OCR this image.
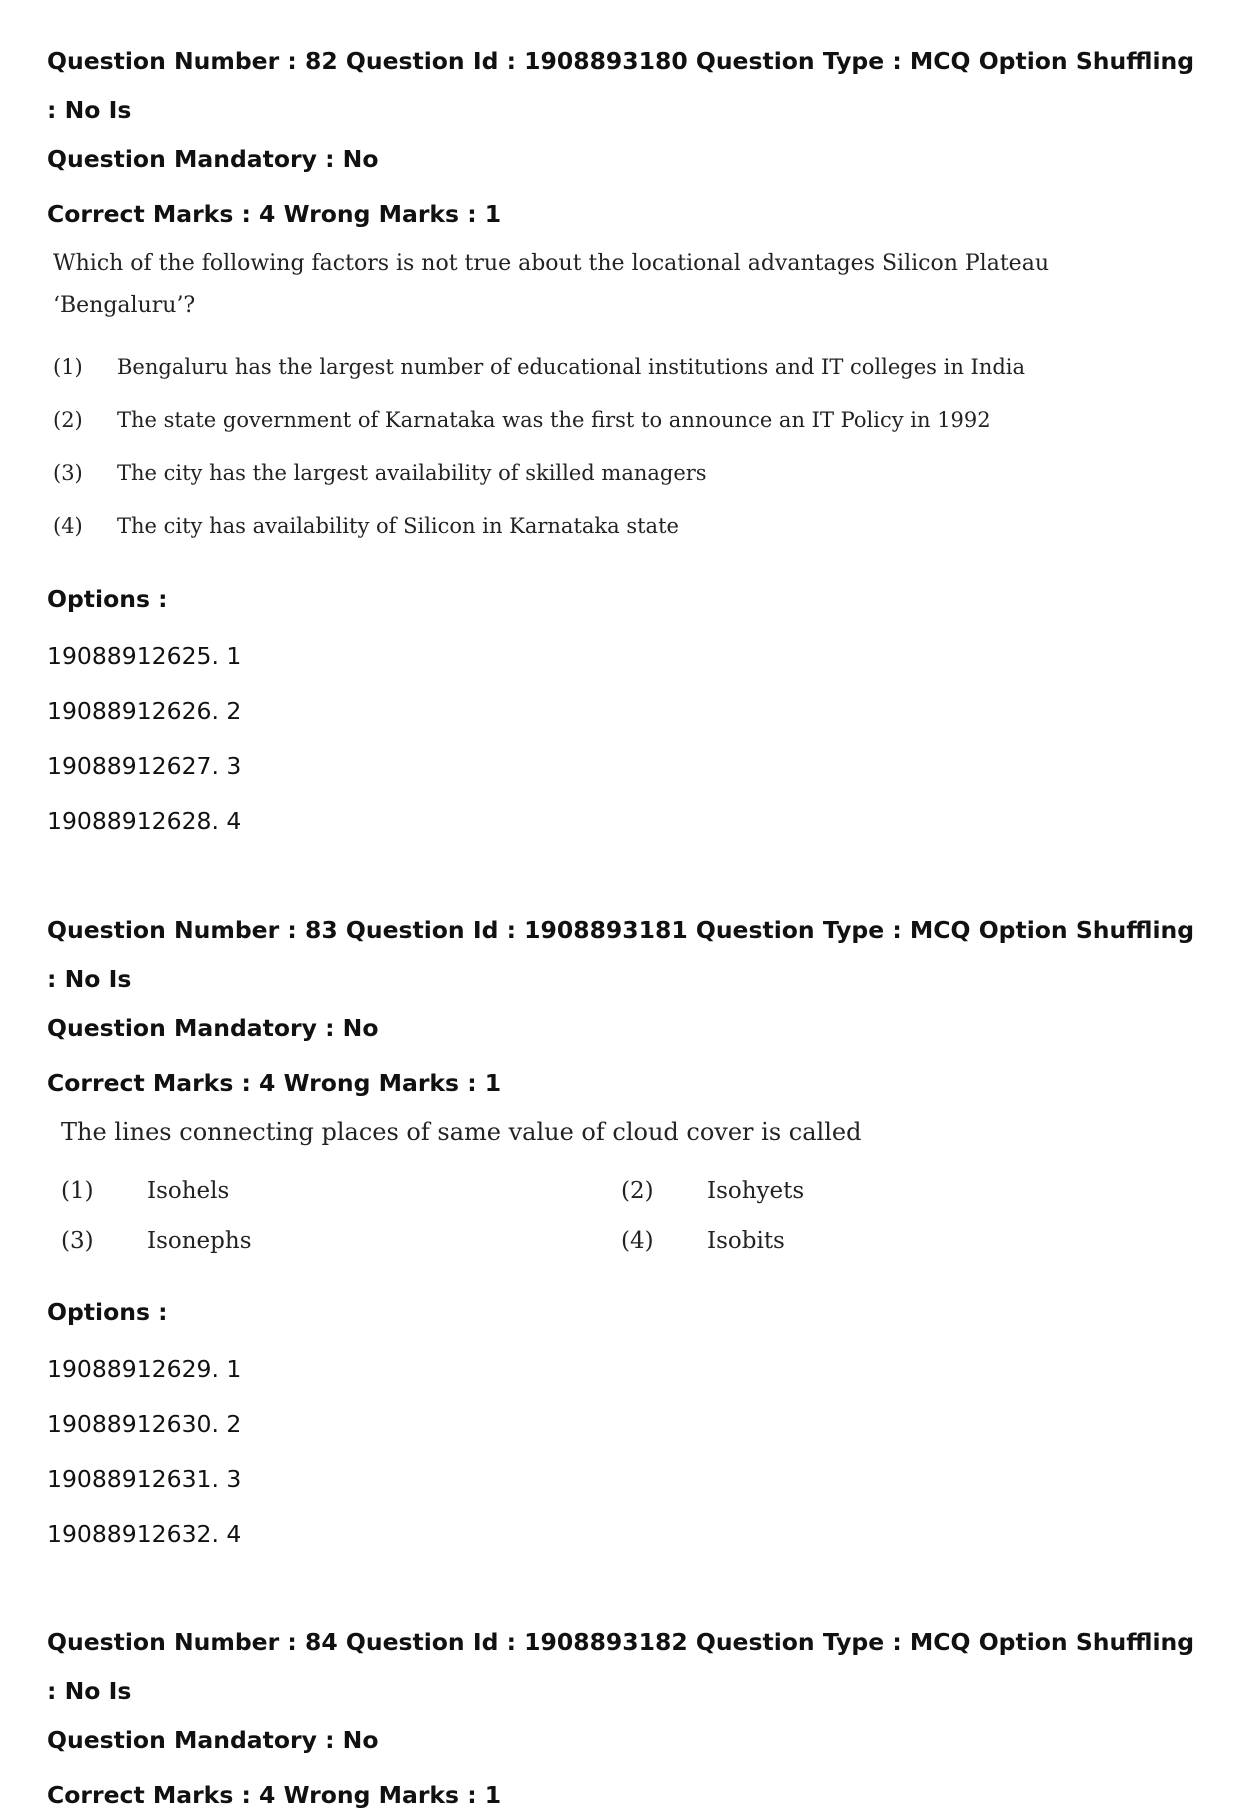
Question Number : 82 Question Id : 1908893180 Question Type : MCQ Option Shuffling : No Is

Question Mandatory : No

Correct Marks : 4 Wrong Marks : 1

Which of the following factors is not true about the locational advantages Silicon Plateau
‘Bengaluru’?
(1)	Bengaluru has the largest number of educational institutions and IT colleges in India
(2)	The state government of Karnataka was the first to announce an IT Policy in 1992
(3)	The city has the largest availability of skilled managers
(4)	The city has availability of Silicon in Karnataka state
Options :
19088912625. 1
19088912626. 2
19088912627. 3
19088912628. 4

Question Number : 83 Question Id : 1908893181 Question Type : MCQ Option Shuffling : No Is

Question Mandatory : No

Correct Marks : 4 Wrong Marks : 1

The lines connecting places of same value of cloud cover is called
(1)	Isohels	(2)	Isohyets
(3)	Isonephs	(4)	Isobits
Options :
19088912629. 1
19088912630. 2
19088912631. 3
19088912632. 4

Question Number : 84 Question Id : 1908893182 Question Type : MCQ Option Shuffling : No Is

Question Mandatory : No

Correct Marks : 4 Wrong Marks : 1
